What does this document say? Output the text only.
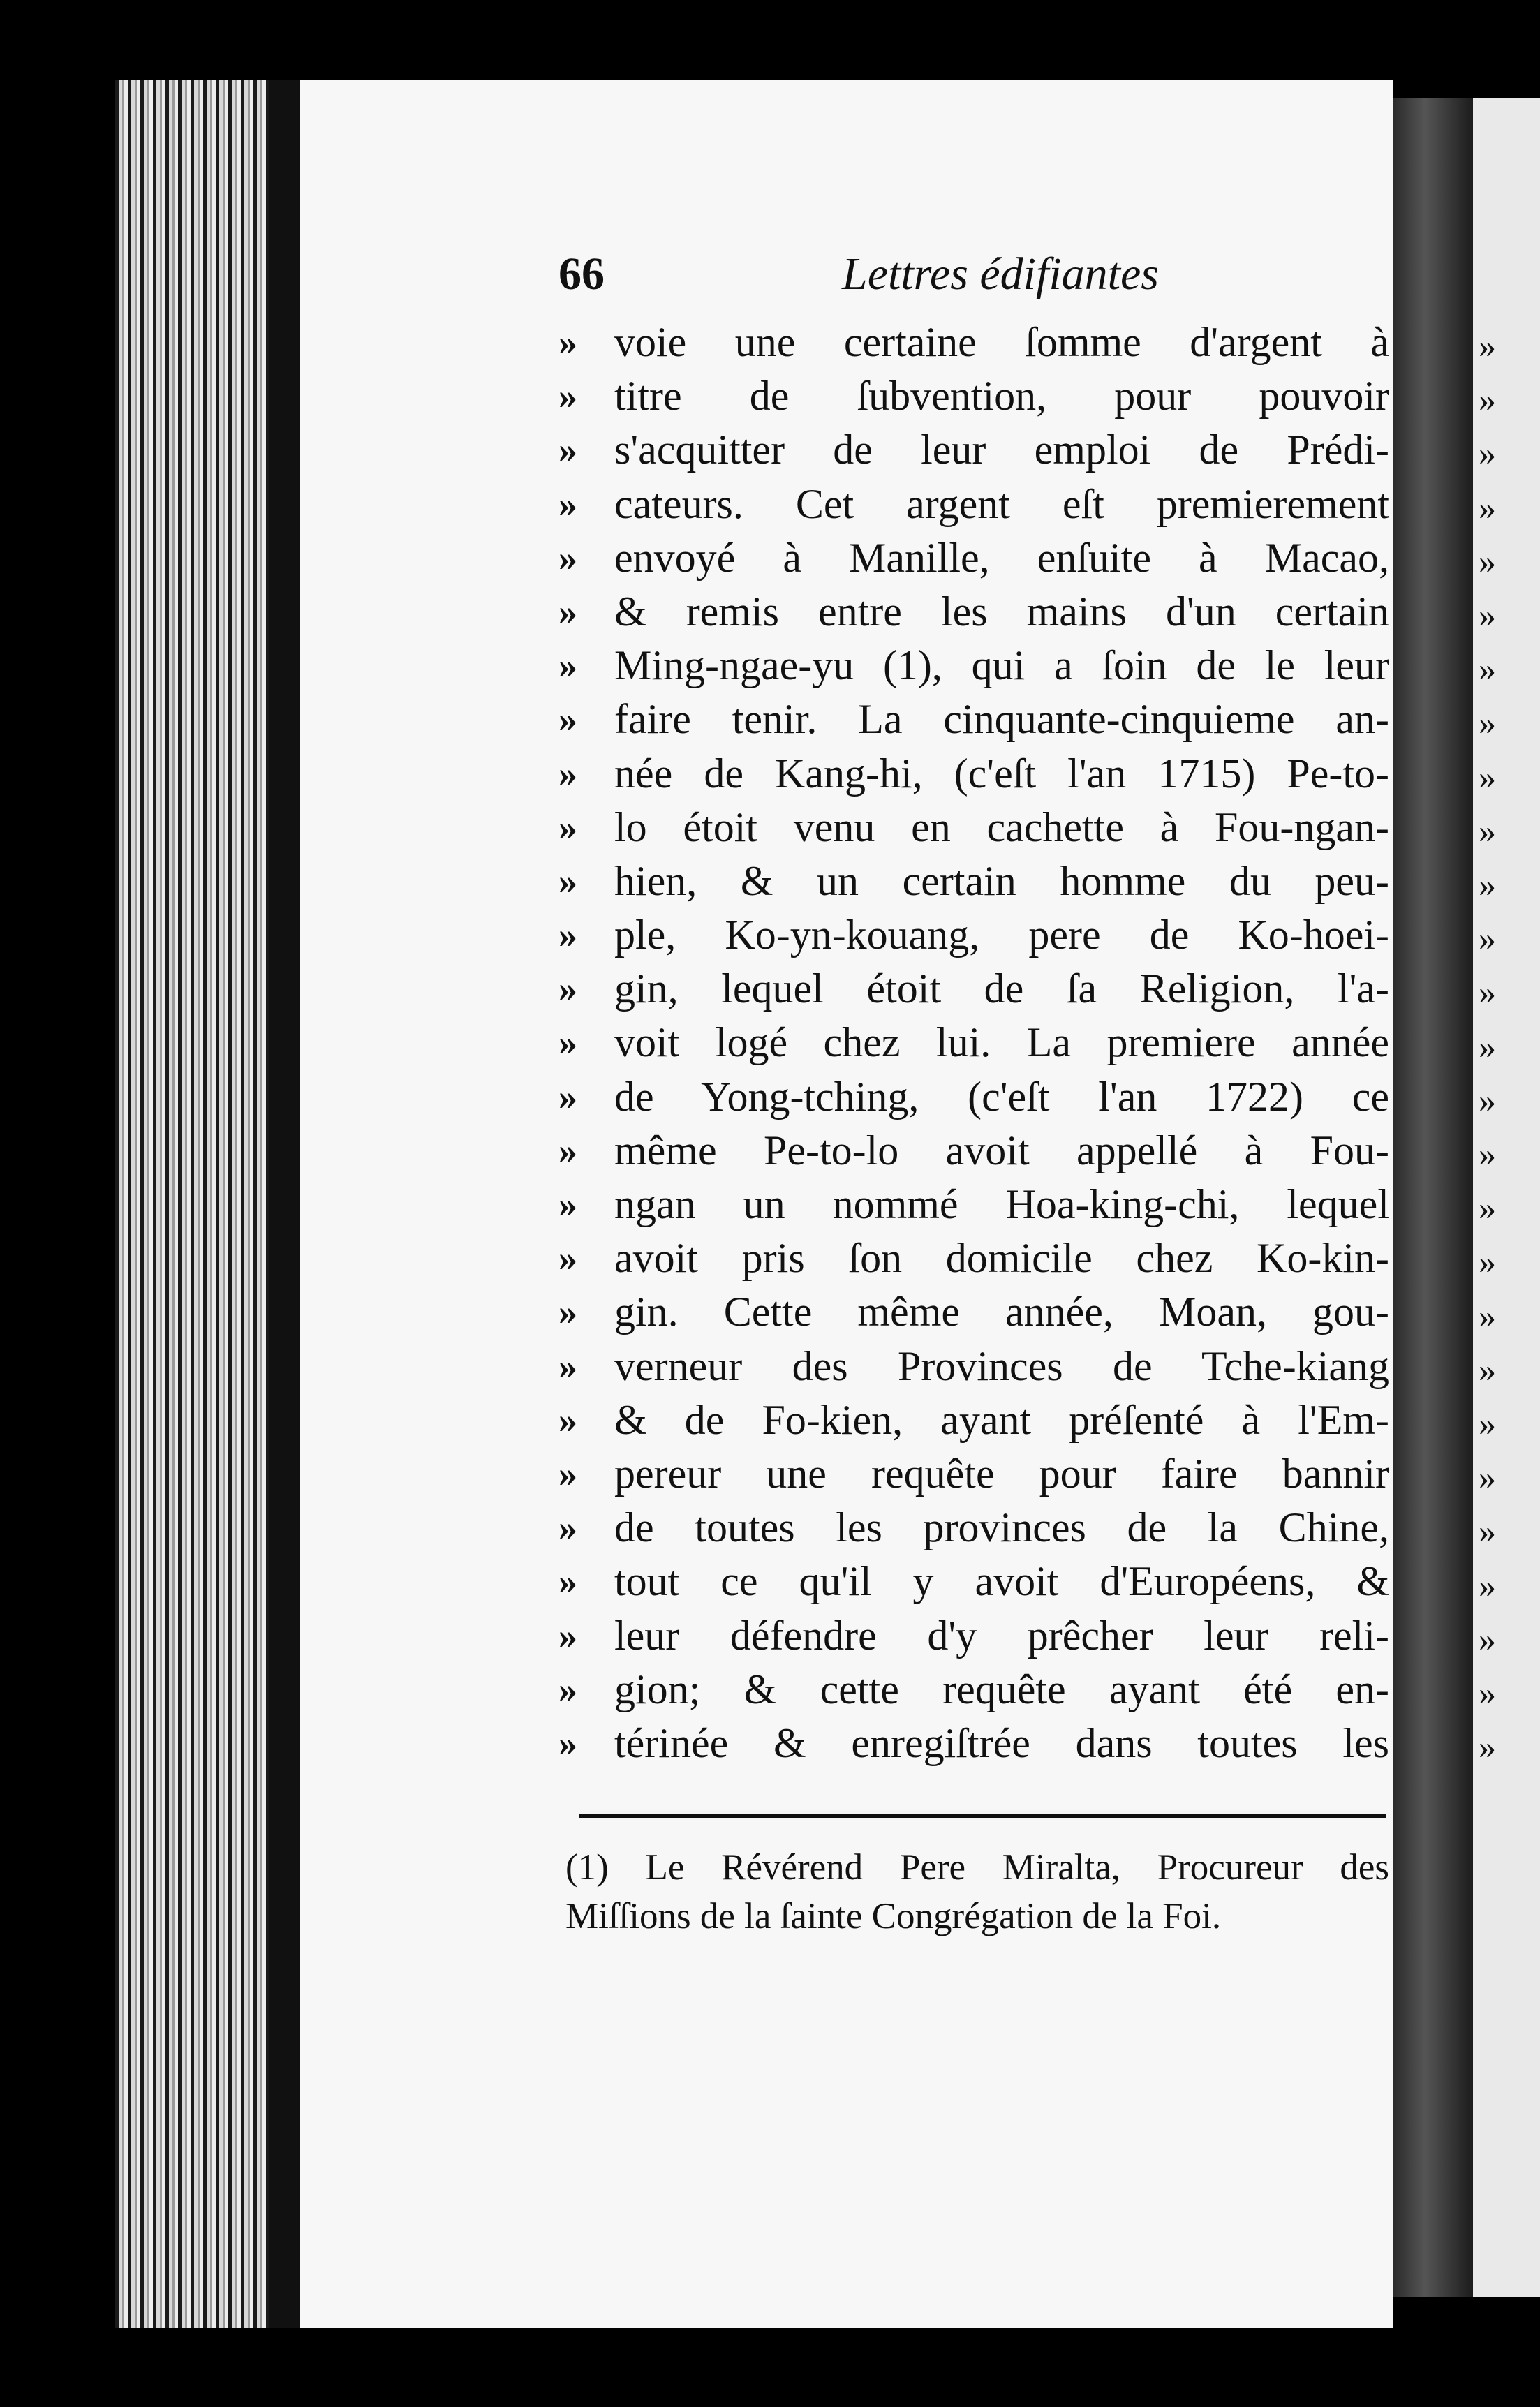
»
»
»
»
»
»
»
»
»
»
»
»
»
»
»
»
»
»
»
»
»
»
»
»
»
»
»
66	Lettres édifiantes
» voie une certaine ſomme d'argent à
» titre de ſubvention, pour pouvoir
» s'acquitter de leur emploi de Prédi-
» cateurs. Cet argent eſt premierement
» envoyé à Manille, enſuite à Macao,
» & remis entre les mains d'un certain
» Ming-ngae-yu (1), qui a ſoin de le leur
» faire tenir. La cinquante-cinquieme an-
» née de Kang-hi, (c'eſt l'an 1715) Pe-to-
» lo étoit venu en cachette à Fou-ngan-
» hien, & un certain homme du peu-
» ple, Ko-yn-kouang, pere de Ko-hoei-
» gin, lequel étoit de ſa Religion, l'a-
» voit logé chez lui. La premiere année
» de Yong-tching, (c'eſt l'an 1722) ce
» même Pe-to-lo avoit appellé à Fou-
» ngan un nommé Hoa-king-chi, lequel
» avoit pris ſon domicile chez Ko-kin-
» gin. Cette même année, Moan, gou-
» verneur des Provinces de Tche-kiang
» & de Fo-kien, ayant préſenté à l'Em-
» pereur une requête pour faire bannir
» de toutes les provinces de la Chine,
» tout ce qu'il y avoit d'Européens, &
» leur défendre d'y prêcher leur reli-
» gion; & cette requête ayant été en-
» térinée & enregiſtrée dans toutes les
(1) Le Révérend Pere Miralta, Procureur des
Miſſions de la ſainte Congrégation de la Foi.
